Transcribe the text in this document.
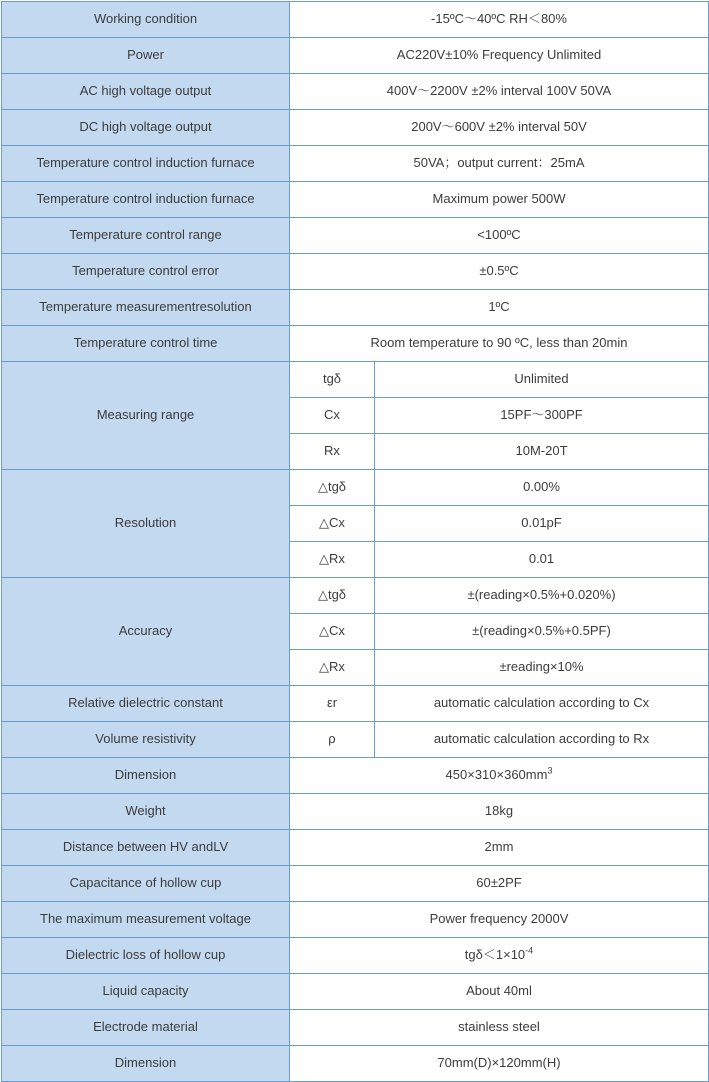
Working condition	-15ºC～40ºC RH＜80%	
Power	AC220V±10% Frequency Unlimited	
AC high voltage output	400V～2200V ±2% interval 100V 50VA	
DC high voltage output	200V～600V ±2% interval 50V	
Temperature control induction furnace	50VA；output current：25mA	
Temperature control induction furnace	Maximum power 500W	
Temperature control range	<100ºC	
Temperature control error	±0.5ºC	
Temperature measurementresolution	1ºC	
Temperature control time	Room temperature to 90 ºC, less than 20min	
Measuring range	tgδ	Unlimited
	Cx	15PF～300PF
	Rx	10M-20T
Resolution	△tgδ	0.00%
	△Cx	0.01pF
	△Rx	0.01
Accuracy	△tgδ	±(reading×0.5%+0.020%)
	△Cx	±(reading×0.5%+0.5PF)
	△Rx	±reading×10%
Relative dielectric constant	εr	automatic calculation according to Cx
Volume resistivity	ρ	automatic calculation according to Rx
Dimension	$450\times 310\times 360mm^3$
Weight	18kg	
Distance between HV andLV	2mm	
Capacitance of hollow cup	60±2PF	
The maximum measurement voltage	Power frequency 2000V	
Dielectric loss of hollow cup	$tg\delta<1\times 10^{-4}$
Liquid capacity	About 40ml	
Electrode material	stainless steel	
Dimension	70mm(D)×120mm(H)	
